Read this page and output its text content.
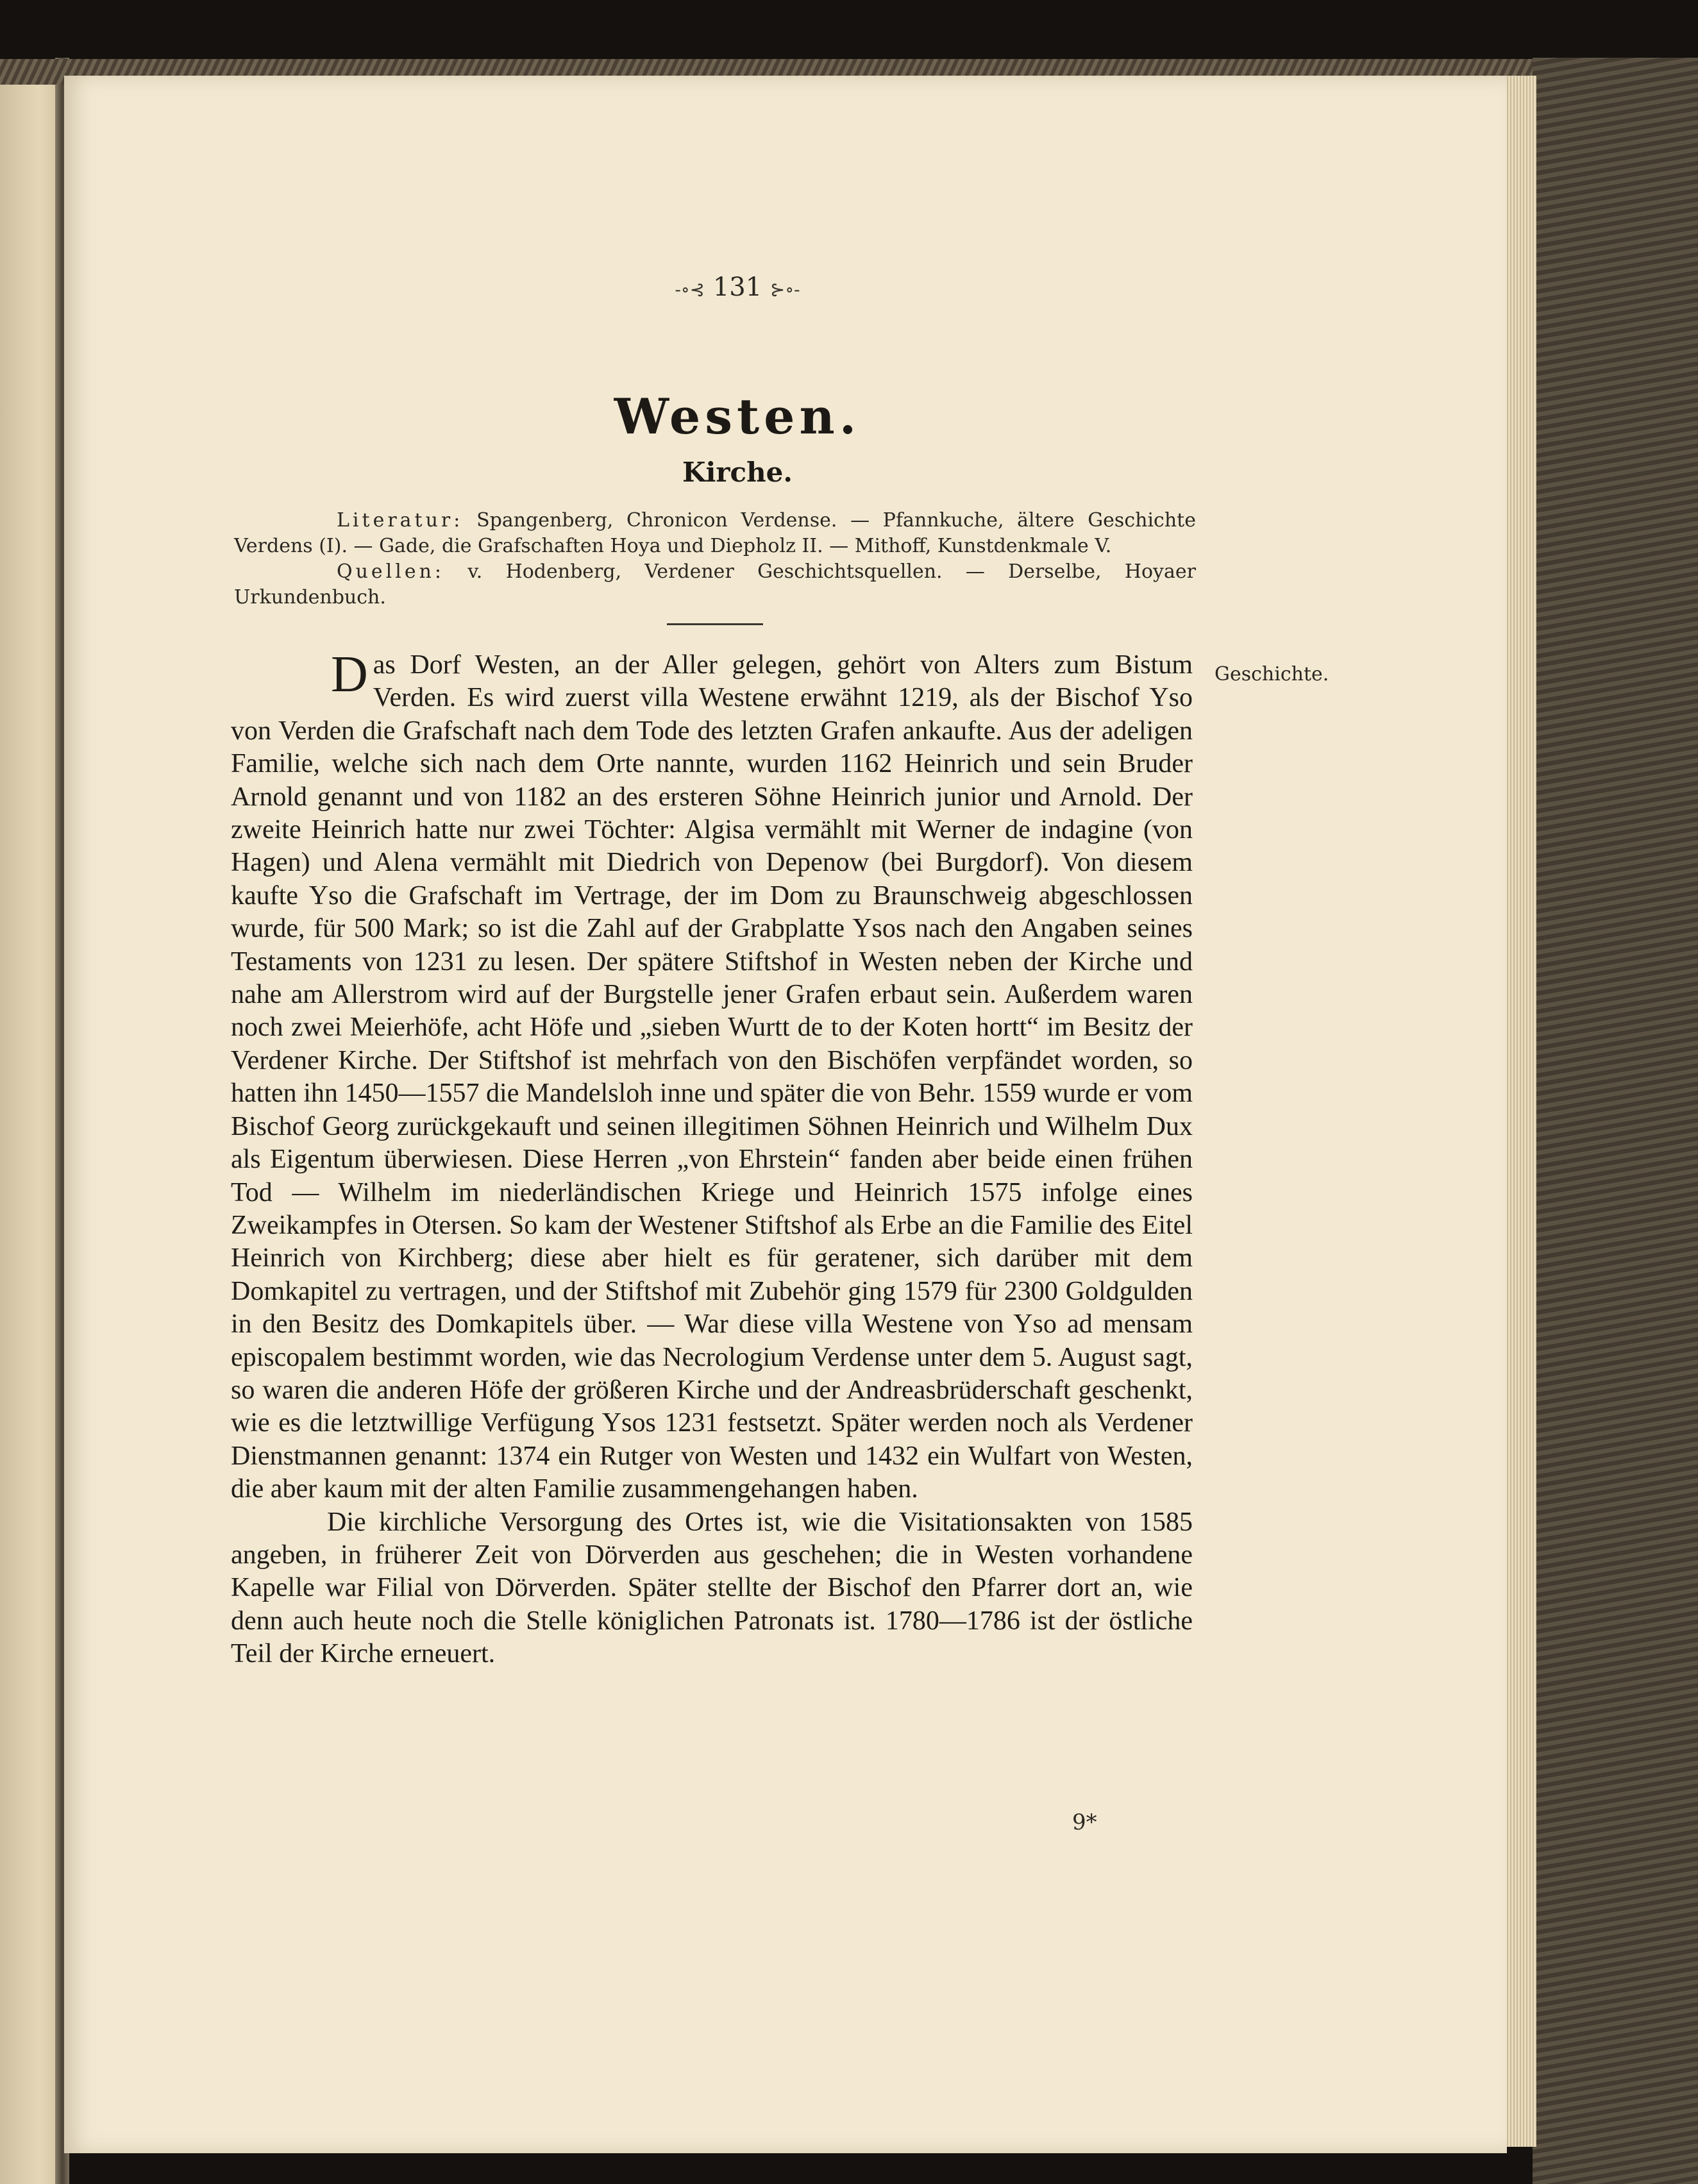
-∘⊰ 131 ⊱∘-
Westen.
Kirche.
Literatur: Spangenberg, Chronicon Verdense. — Pfannkuche, ältere Geschichte Verdens (I). — Gade, die Grafschaften Hoya und Diepholz II. — Mithoff, Kunstdenkmale V.
Quellen: v. Hodenberg, Verdener Geschichtsquellen. — Derselbe, Hoyaer Urkundenbuch.
Geschichte.

Das Dorf Westen, an der Aller gelegen, gehört von Alters zum Bistum Verden. Es wird zuerst villa Westene erwähnt 1219, als der Bischof Yso von Verden die Grafschaft nach dem Tode des letzten Grafen ankaufte. Aus der adeligen Familie, welche sich nach dem Orte nannte, wurden 1162 Heinrich und sein Bruder Arnold genannt und von 1182 an des ersteren Söhne Heinrich junior und Arnold. Der zweite Heinrich hatte nur zwei Töchter: Algisa vermählt mit Werner de indagine (von Hagen) und Alena vermählt mit Diedrich von Depenow (bei Burgdorf). Von diesem kaufte Yso die Grafschaft im Vertrage, der im Dom zu Braunschweig abgeschlossen wurde, für 500 Mark; so ist die Zahl auf der Grabplatte Ysos nach den Angaben seines Testaments von 1231 zu lesen. Der spätere Stiftshof in Westen neben der Kirche und nahe am Allerstrom wird auf der Burgstelle jener Grafen erbaut sein. Außerdem waren noch zwei Meierhöfe, acht Höfe und „sieben Wurtt de to der Koten hortt“ im Besitz der Verdener Kirche. Der Stiftshof ist mehrfach von den Bischöfen verpfändet worden, so hatten ihn 1450—1557 die Mandelsloh inne und später die von Behr. 1559 wurde er vom Bischof Georg zurückgekauft und seinen illegitimen Söhnen Heinrich und Wilhelm Dux als Eigentum überwiesen. Diese Herren „von Ehrstein“ fanden aber beide einen frühen Tod — Wilhelm im niederländischen Kriege und Heinrich 1575 infolge eines Zweikampfes in Otersen. So kam der Westener Stiftshof als Erbe an die Familie des Eitel Heinrich von Kirchberg; diese aber hielt es für geratener, sich darüber mit dem Domkapitel zu vertragen, und der Stiftshof mit Zubehör ging 1579 für 2300 Goldgulden in den Besitz des Domkapitels über. — War diese villa Westene von Yso ad mensam episcopalem bestimmt worden, wie das Necrologium Verdense unter dem 5. August sagt, so waren die anderen Höfe der größeren Kirche und der Andreasbrüderschaft geschenkt, wie es die letztwillige Verfügung Ysos 1231 festsetzt. Später werden noch als Verdener Dienstmannen genannt: 1374 ein Rutger von Westen und 1432 ein Wulfart von Westen, die aber kaum mit der alten Familie zusammengehangen haben.

Die kirchliche Versorgung des Ortes ist, wie die Visitationsakten von 1585 angeben, in früherer Zeit von Dörverden aus geschehen; die in Westen vorhandene Kapelle war Filial von Dörverden. Später stellte der Bischof den Pfarrer dort an, wie denn auch heute noch die Stelle königlichen Patronats ist. 1780—1786 ist der östliche Teil der Kirche erneuert.

9*
